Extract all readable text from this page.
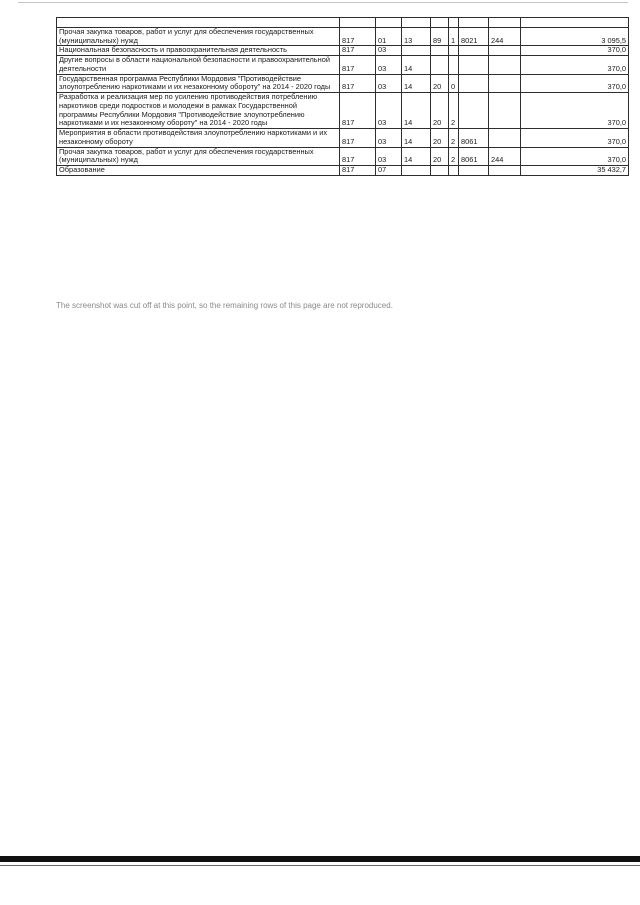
Прочая закупка товаров, работ и услуг для обеспечения государственных (муниципальных) нужд	817	01	13	89	1	8021	244	3 095,5
Национальная безопасность и правоохранительная деятельность	817	03						370,0
Другие вопросы в области национальной безопасности и правоохранительной деятельности	817	03	14					370,0
Государственная программа Республики Мордовия "Противодействие злоупотреблению наркотиками и их незаконному обороту" на 2014 - 2020 годы	817	03	14	20	0			370,0
Разработка и реализация мер по усилению противодействия потреблению наркотиков среди подростков и молодежи в рамках Государственной программы Республики Мордовия "Противодействие злоупотреблению наркотиками и их незаконному обороту" на 2014 - 2020 годы	817	03	14	20	2			370,0
Мероприятия в области противодействия злоупотреблению наркотиками и их незаконному обороту	817	03	14	20	2	8061		370,0
Прочая закупка товаров, работ и услуг для обеспечения государственных (муниципальных) нужд	817	03	14	20	2	8061	244	370,0
Образование	817	07						35 432,7
The screenshot was cut off at this point, so the remaining rows of this page are not reproduced.
